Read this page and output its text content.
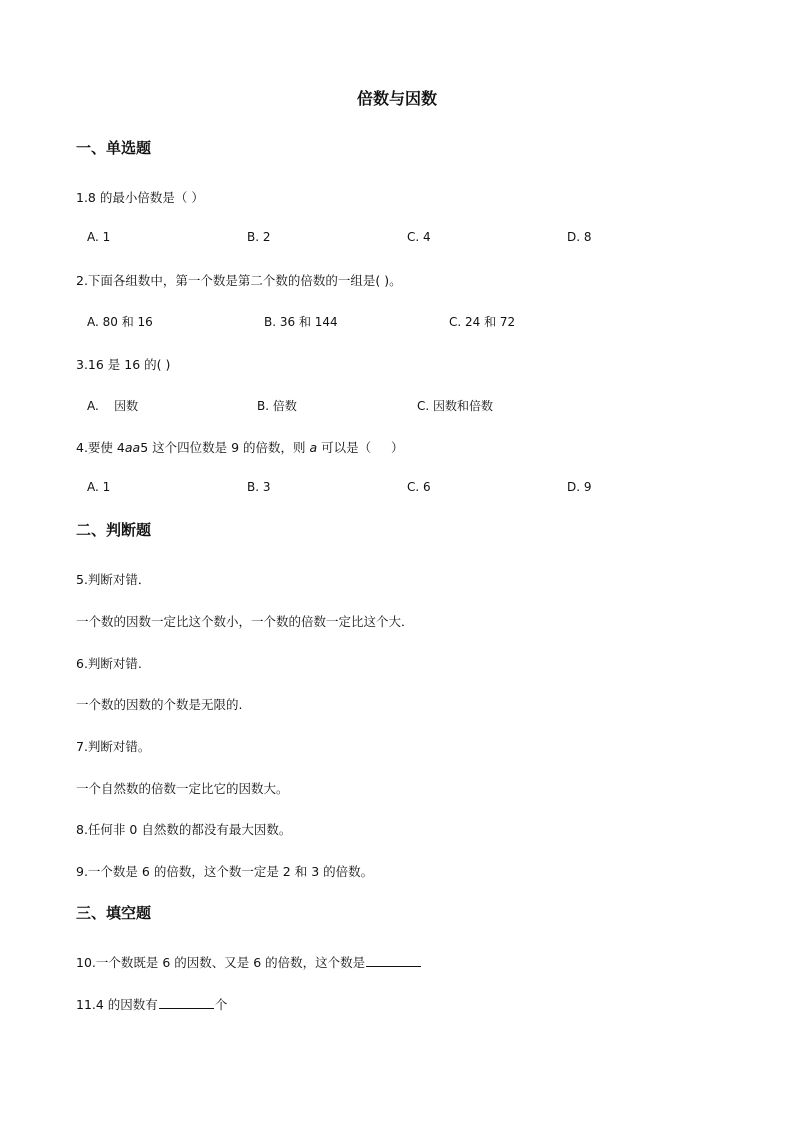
倍数与因数
一、单选题
1.8 的最小倍数是（ ）
A. 1	B. 2	C. 4	D. 8
2.下面各组数中，第一个数是第二个数的倍数的一组是( )。
A. 80 和 16	B. 36 和 144	C. 24 和 72
3.16 是 16 的( )
A.    因数	B. 倍数	C. 因数和倍数
4.要使 4aa5 这个四位数是 9 的倍数，则 a 可以是（     ）
A. 1	B. 3	C. 6	D. 9
二、判断题
5.判断对错．
一个数的因数一定比这个数小，一个数的倍数一定比这个大．
6.判断对错.
一个数的因数的个数是无限的.
7.判断对错。
一个自然数的倍数一定比它的因数大。
8.任何非 0 自然数的都没有最大因数。
9.一个数是 6 的倍数，这个数一定是 2 和 3 的倍数。
三、填空题
10.一个数既是 6 的因数、又是 6 的倍数，这个数是
11.4 的因数有	个
